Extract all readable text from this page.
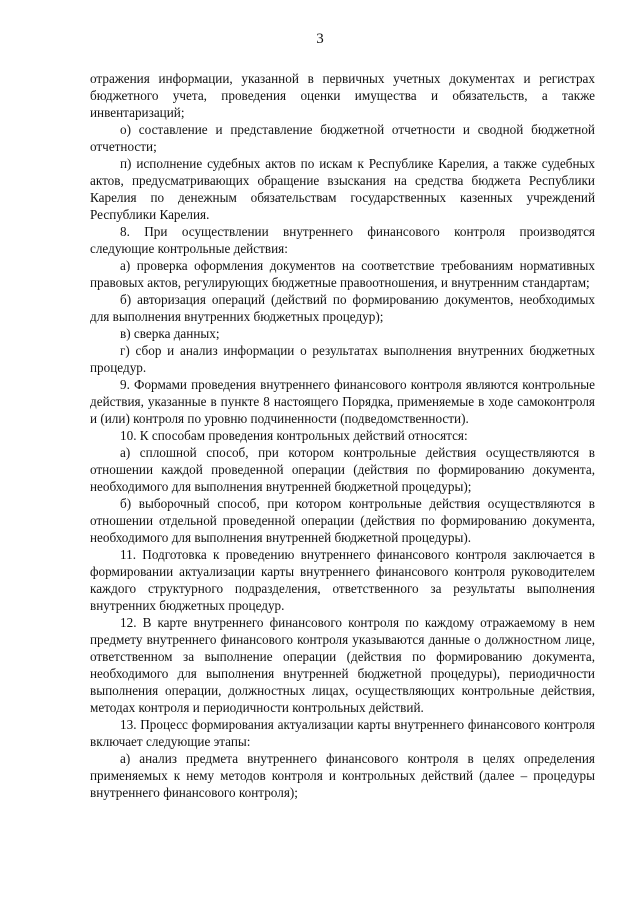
3

отражения информации, указанной в первичных учетных документах и регистрах бюджетного учета, проведения оценки имущества и обязательств, а также инвентаризаций;

о) составление и представление бюджетной отчетности и сводной бюджетной отчетности;

п) исполнение судебных актов по искам к Республике Карелия, а также судебных актов, предусматривающих обращение взыскания на средства бюджета Республики Карелия по денежным обязательствам государственных казенных учреждений Республики Карелия.

8. При осуществлении внутреннего финансового контроля производятся следующие контрольные действия:

а) проверка оформления документов на соответствие требованиям нормативных правовых актов, регулирующих бюджетные правоотношения, и внутренним стандартам;

б) авторизация операций (действий по формированию документов, необходимых для выполнения внутренних бюджетных процедур);

в) сверка данных;

г) сбор и анализ информации о результатах выполнения внутренних бюджетных процедур.

9. Формами проведения внутреннего финансового контроля являются контрольные действия, указанные в пункте 8 настоящего Порядка, применяемые в ходе самоконтроля и (или) контроля по уровню подчиненности (подведомственности).

10. К способам проведения контрольных действий относятся:

а) сплошной способ, при котором контрольные действия осуществляются в отношении каждой проведенной операции (действия по формированию документа, необходимого для выполнения внутренней бюджетной процедуры);

б) выборочный способ, при котором контрольные действия осуществляются в отношении отдельной проведенной операции (действия по формированию документа, необходимого для выполнения внутренней бюджетной процедуры).

11. Подготовка к проведению внутреннего финансового контроля заключается в формировании актуализации карты внутреннего финансового контроля руководителем каждого структурного подразделения, ответственного за результаты выполнения внутренних бюджетных процедур.

12. В карте внутреннего финансового контроля по каждому отражаемому в нем предмету внутреннего финансового контроля указываются данные о должностном лице, ответственном за выполнение операции (действия по формированию документа, необходимого для выполнения внутренней бюджетной процедуры), периодичности выполнения операции, должностных лицах, осуществляющих контрольные действия, методах контроля и периодичности контрольных действий.

13. Процесс формирования актуализации карты внутреннего финансового контроля включает следующие этапы:

а) анализ предмета внутреннего финансового контроля в целях определения применяемых к нему методов контроля и контрольных действий (далее – процедуры внутреннего финансового контроля);
